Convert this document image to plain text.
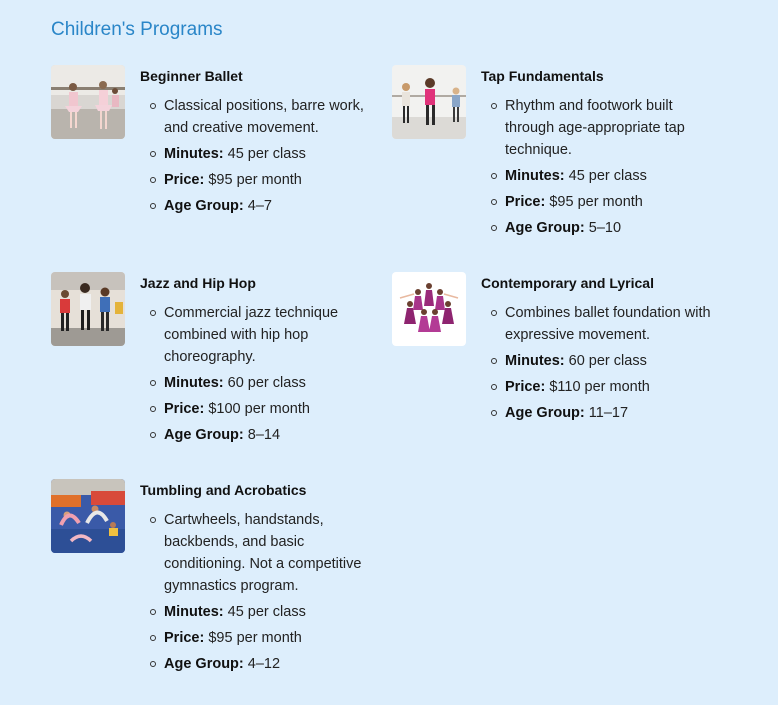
Children's Programs
Beginner Ballet
Classical positions, barre work, and creative movement.
Minutes: 45 per class
Price: $95 per month
Age Group: 4–7
Tap Fundamentals
Rhythm and footwork built through age-appropriate tap technique.
Minutes: 45 per class
Price: $95 per month
Age Group: 5–10
Jazz and Hip Hop
Commercial jazz technique combined with hip hop choreography.
Minutes: 60 per class
Price: $100 per month
Age Group: 8–14
Contemporary and Lyrical
Combines ballet foundation with expressive movement.
Minutes: 60 per class
Price: $110 per month
Age Group: 11–17
Tumbling and Acrobatics
Cartwheels, handstands, backbends, and basic conditioning. Not a competitive gymnastics program.
Minutes: 45 per class
Price: $95 per month
Age Group: 4–12
